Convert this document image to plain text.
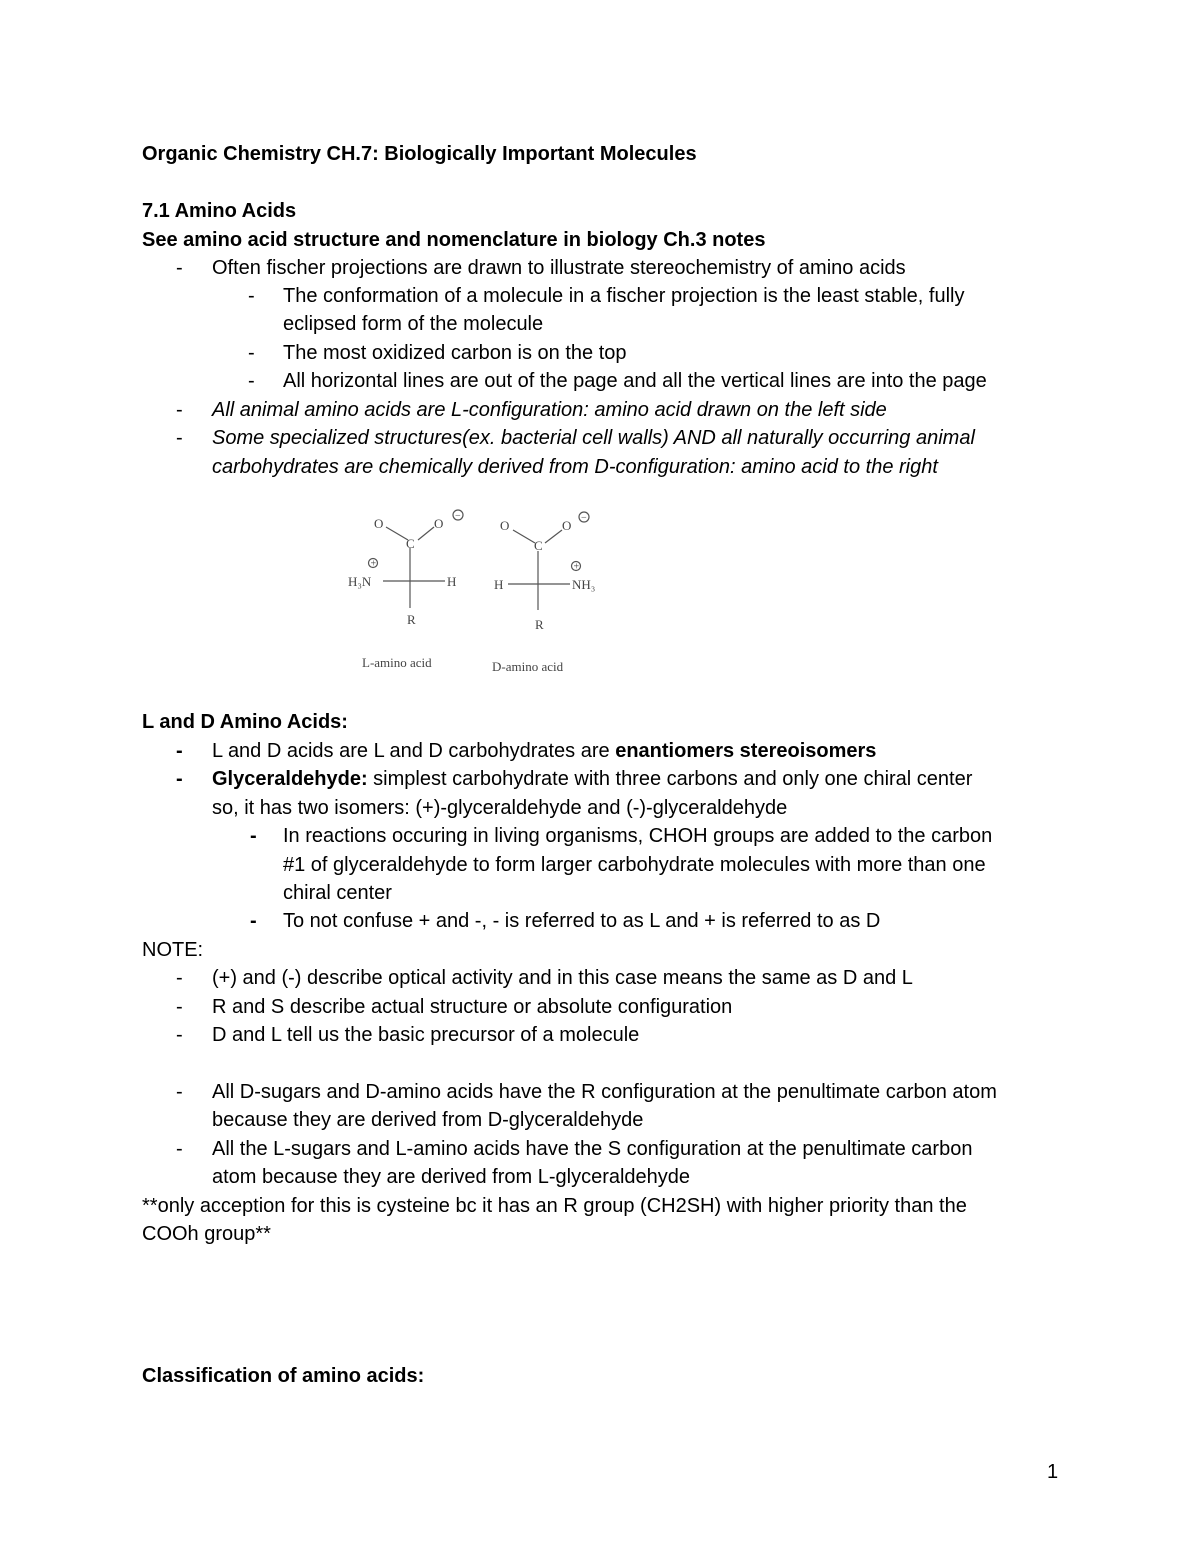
Organic Chemistry CH.7: Biologically Important Molecules
7.1 Amino Acids
See amino acid structure and nomenclature in biology Ch.3 notes
- Often fischer projections are drawn to illustrate stereochemistry of amino acids
- The conformation of a molecule in a fischer projection is the least stable, fully
eclipsed form of the molecule
- The most oxidized carbon is on the top
- All horizontal lines are out of the page and all the vertical lines are into the page
- All animal amino acids are L-configuration: amino acid drawn on the left side
- Some specialized structures(ex. bacterial cell walls) AND all naturally occurring animal
carbohydrates are chemically derived from D-configuration: amino acid to the right
O
C
O
H₃N	H
R
L-amino acid
+
−
O
C
O
H	NH₃
R
D-amino acid
+
−
L and D Amino Acids:
- L and D acids are L and D carbohydrates are enantiomers stereoisomers
- Glyceraldehyde: simplest carbohydrate with three carbons and only one chiral center
so, it has two isomers: (+)-glyceraldehyde and (-)-glyceraldehyde
- In reactions occuring in living organisms, CHOH groups are added to the carbon
#1 of glyceraldehyde to form larger carbohydrate molecules with more than one
chiral center
- To not confuse + and -, - is referred to as L and + is referred to as D
NOTE:
- (+) and (-) describe optical activity and in this case means the same as D and L
- R and S describe actual structure or absolute configuration
- D and L tell us the basic precursor of a molecule
- All D-sugars and D-amino acids have the R configuration at the penultimate carbon atom
because they are derived from D-glyceraldehyde
- All the L-sugars and L-amino acids have the S configuration at the penultimate carbon
atom because they are derived from L-glyceraldehyde
**only acception for this is cysteine bc it has an R group (CH2SH) with higher priority than the
COOh group**
Classification of amino acids:
1
